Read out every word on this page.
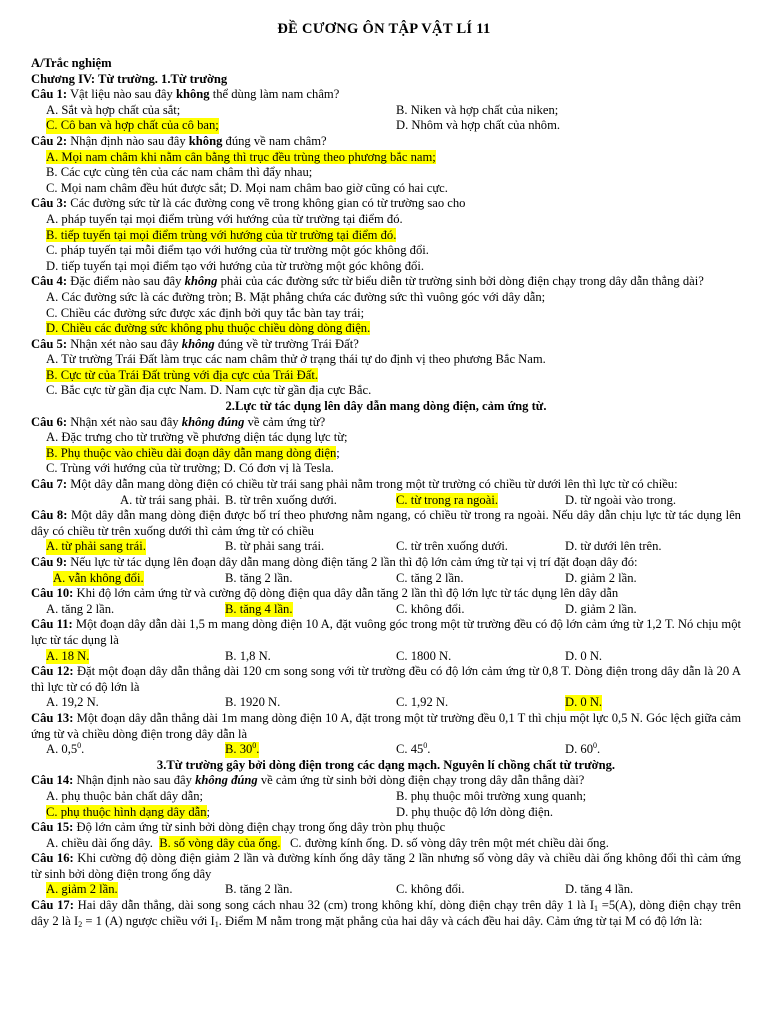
ĐỀ CƯƠNG ÔN TẬP VẬT LÍ 11
A/Trắc nghiệm
Chương IV: Từ trường. 1.Từ trường
Câu 1: Vật liệu nào sau đây không thể dùng làm nam châm?
A. Sắt và hợp chất của sắt;	B. Niken và hợp chất của niken;
C. Cô ban và hợp chất của cô ban;	D. Nhôm và hợp chất của nhôm.
Câu 2: Nhận định nào sau đây không đúng về nam châm?
A. Mọi nam châm khi nằm cân bằng thì trục đều trùng theo phương bắc nam;
B. Các cực cùng tên của các nam châm thì đẩy nhau;
C. Mọi nam châm đều hút được sắt; D. Mọi nam châm bao giờ cũng có hai cực.
Câu 3: Các đường sức từ là các đường cong vẽ trong không gian có từ trường sao cho
A. pháp tuyến tại mọi điểm trùng với hướng của từ trường tại điểm đó.
B. tiếp tuyến tại mọi điểm trùng với hướng của từ trường tại điểm đó.
C. pháp tuyến tại mỗi điểm tạo với hướng của từ trường một góc không đổi.
D. tiếp tuyến tại mọi điểm tạo với hướng của từ trường một góc không đổi.
Câu 4: Đặc điểm nào sau đây không phải của các đường sức từ biểu diễn từ trường sinh bởi dòng điện chạy trong dây dẫn thẳng dài?
A. Các đường sức là các đường tròn; B. Mặt phẳng chứa các đường sức thì vuông góc với dây dẫn;
C. Chiều các đường sức được xác định bởi quy tắc bàn tay trái;
D. Chiều các đường sức không phụ thuộc chiều dòng dòng điện.
Câu 5: Nhận xét nào sau đây không đúng về từ trường Trái Đất?
A. Từ trường Trái Đất làm trục các nam châm thử ở trạng thái tự do định vị theo phương Bắc Nam.
B. Cực từ của Trái Đất trùng với địa cực của Trái Đất.
C. Bắc cực từ gần địa cực Nam. D. Nam cực từ gần địa cực Bắc.
2.Lực từ tác dụng lên dây dẫn mang dòng điện, cảm ứng từ.
Câu 6: Nhận xét nào sau đây không đúng về cảm ứng từ?
A. Đặc trưng cho từ trường về phương diện tác dụng lực từ;
B. Phụ thuộc vào chiều dài đoạn dây dẫn mang dòng điện;
C. Trùng với hướng của từ trường; D. Có đơn vị là Tesla.
Câu 7: Một dây dẫn mang dòng điện có chiều từ trái sang phải nằm trong một từ trường có chiều từ dưới lên thì lực từ có chiều:
A. từ trái sang phải. B. từ trên xuống dưới.	C. từ trong ra ngoài.	D. từ ngoài vào trong.
Câu 8: Một dây dẫn mang dòng điện được bố trí theo phương nằm ngang, có chiều từ trong ra ngoài. Nếu dây dẫn chịu lực từ tác dụng lên dây có chiều từ trên xuống dưới thì cảm ứng từ có chiều
A. từ phải sang trái.	B. từ phải sang trái.	C. từ trên xuống dưới.	D. từ dưới lên trên.
Câu 9: Nếu lực từ tác dụng lên đoạn dây dẫn mang dòng điện tăng 2 lần thì độ lớn cảm ứng từ tại vị trí đặt đoạn dây đó:
A. vẫn không đổi.	B. tăng 2 lần.	C. tăng 2 lần.	D. giảm 2 lần.
Câu 10: Khi độ lớn cảm ứng từ và cường độ dòng điện qua dây dẫn tăng 2 lần thì độ lớn lực từ tác dụng lên dây dẫn
A. tăng 2 lần.	B. tăng 4 lần.	C. không đổi.	D. giảm 2 lần.
Câu 11: Một đoạn dây dẫn dài 1,5 m mang dòng điện 10 A, đặt vuông góc trong một từ trường đều có độ lớn cảm ứng từ 1,2 T. Nó chịu một lực từ tác dụng là
A. 18 N.	B. 1,8 N.	C. 1800 N.	D. 0 N.
Câu 12: Đặt một đoạn dây dẫn thẳng dài 120 cm song song với từ trường đều có độ lớn cảm ứng từ 0,8 T. Dòng điện trong dây dẫn là 20 A thì lực từ có độ lớn là
A. 19,2 N.	B. 1920 N.	C. 1,92 N.	D. 0 N.
Câu 13: Một đoạn dây dẫn thẳng dài 1m mang dòng điện 10 A, đặt trong một từ trường đều 0,1 T thì chịu một lực 0,5 N. Góc lệch giữa cảm ứng từ và chiều dòng điện trong dây dẫn là
A. $0,5^0$.	B. $30^0$.	C. $45^0$.	D. $60^0$.
3.Từ trường gây bởi dòng điện trong các dạng mạch. Nguyên lí chồng chất từ trường.
Câu 14: Nhận định nào sau đây không đúng về cảm ứng từ sinh bởi dòng điện chạy trong dây dẫn thẳng dài?
A. phụ thuộc bản chất dây dẫn;	B. phụ thuộc môi trường xung quanh;
C. phụ thuộc hình dạng dây dẫn;	D. phụ thuộc độ lớn dòng điện.
Câu 15: Độ lớn cảm ứng từ sinh bởi dòng điện chạy trong ống dây tròn phụ thuộc
A. chiều dài ống dây. B. số vòng dây của ống. C. đường kính ống. D. số vòng dây trên một mét chiều dài ống.
Câu 16: Khi cường độ dòng điện giảm 2 lần và đường kính ống dây tăng 2 lần nhưng số vòng dây và chiều dài ống không đổi thì cảm ứng từ sinh bởi dòng điện trong ống dây
A. giảm 2 lần.	B. tăng 2 lần.	C. không đổi.	D. tăng 4 lần.
Câu 17: Hai dây dẫn thẳng, dài song song cách nhau 32 (cm) trong không khí, dòng điện chạy trên dây 1 là $I_1 =5(A)$, dòng điện chạy trên dây 2 là $I_2 = 1$ (A) ngược chiều với $I_1$. Điểm M nằm trong mặt phẳng của hai dây và cách đều hai dây. Cảm ứng từ tại M có độ lớn là:
